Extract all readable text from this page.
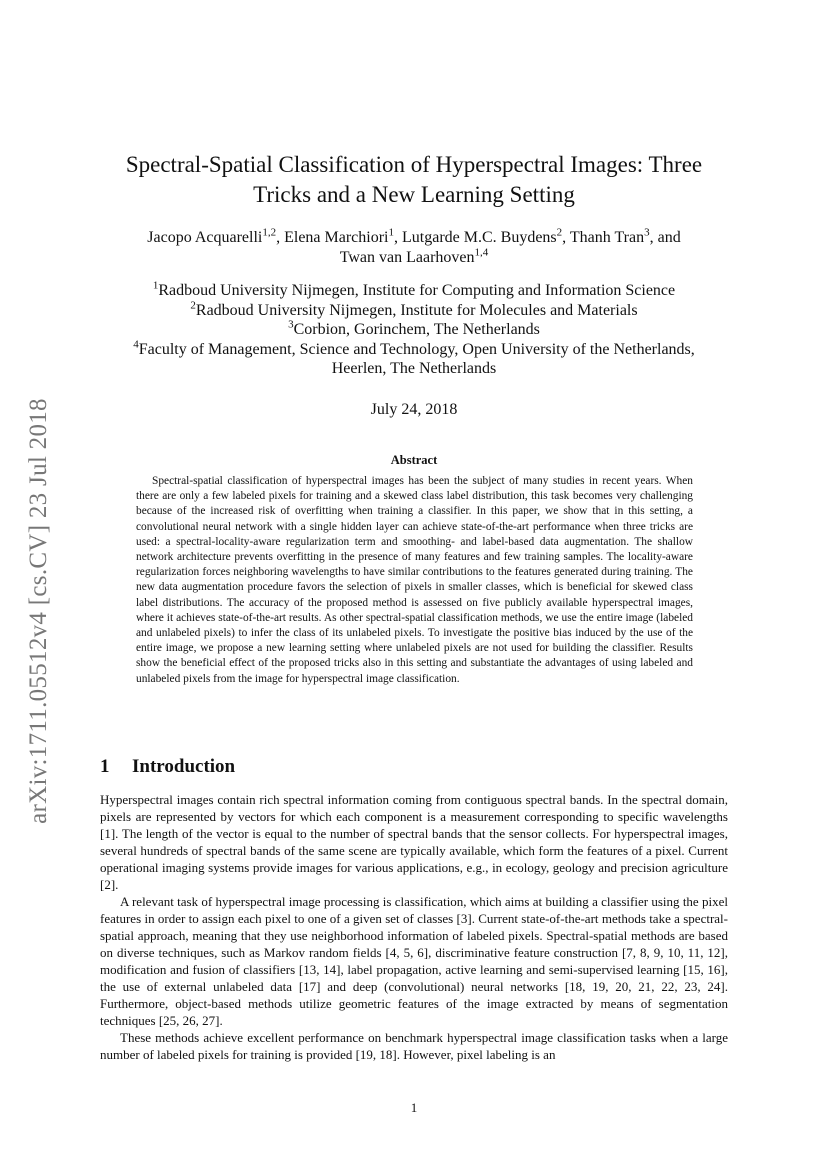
arXiv:1711.05512v4 [cs.CV] 23 Jul 2018
Spectral-Spatial Classification of Hyperspectral Images: Three Tricks and a New Learning Setting
Jacopo Acquarelli$^{1,2}$, Elena Marchiori$^1$, Lutgarde M.C. Buydens$^2$, Thanh Tran$^3$, and
Twan van Laarhoven$^{1,4}$
$^1$Radboud University Nijmegen, Institute for Computing and Information Science
$^2$Radboud University Nijmegen, Institute for Molecules and Materials
$^3$Corbion, Gorinchem, The Netherlands
$^4$Faculty of Management, Science and Technology, Open University of the Netherlands,
Heerlen, The Netherlands
July 24, 2018
Abstract
Spectral-spatial classification of hyperspectral images has been the subject of many studies in recent years. When there are only a few labeled pixels for training and a skewed class label distribution, this task becomes very challenging because of the increased risk of overfitting when training a classifier. In this paper, we show that in this setting, a convolutional neural network with a single hidden layer can achieve state-of-the-art performance when three tricks are used: a spectral-locality-aware regularization term and smoothing- and label-based data augmentation. The shallow network architecture prevents overfitting in the presence of many features and few training samples. The locality-aware regularization forces neighboring wavelengths to have similar contributions to the features generated during training. The new data augmentation procedure favors the selection of pixels in smaller classes, which is beneficial for skewed class label distributions. The accuracy of the proposed method is assessed on five publicly available hyperspectral images, where it achieves state-of-the-art results. As other spectral-spatial classification methods, we use the entire image (labeled and unlabeled pixels) to infer the class of its unlabeled pixels. To investigate the positive bias induced by the use of the entire image, we propose a new learning setting where unlabeled pixels are not used for building the classifier. Results show the beneficial effect of the proposed tricks also in this setting and substantiate the advantages of using labeled and unlabeled pixels from the image for hyperspectral image classification.
1 Introduction

Hyperspectral images contain rich spectral information coming from contiguous spectral bands. In the spectral domain, pixels are represented by vectors for which each component is a measurement corresponding to specific wavelengths [1]. The length of the vector is equal to the number of spectral bands that the sensor collects. For hyperspectral images, several hundreds of spectral bands of the same scene are typically available, which form the features of a pixel. Current operational imaging systems provide images for various applications, e.g., in ecology, geology and precision agriculture [2].

A relevant task of hyperspectral image processing is classification, which aims at building a classifier using the pixel features in order to assign each pixel to one of a given set of classes [3]. Current state-of-the-art methods take a spectral-spatial approach, meaning that they use neighborhood information of labeled pixels. Spectral-spatial methods are based on diverse techniques, such as Markov random fields [4, 5, 6], discriminative feature construction [7, 8, 9, 10, 11, 12], modification and fusion of classifiers [13, 14], label propagation, active learning and semi-supervised learning [15, 16], the use of external unlabeled data [17] and deep (convolutional) neural networks [18, 19, 20, 21, 22, 23, 24]. Furthermore, object-based methods utilize geometric features of the image extracted by means of segmentation techniques [25, 26, 27].

These methods achieve excellent performance on benchmark hyperspectral image classification tasks when a large number of labeled pixels for training is provided [19, 18]. However, pixel labeling is an

1
